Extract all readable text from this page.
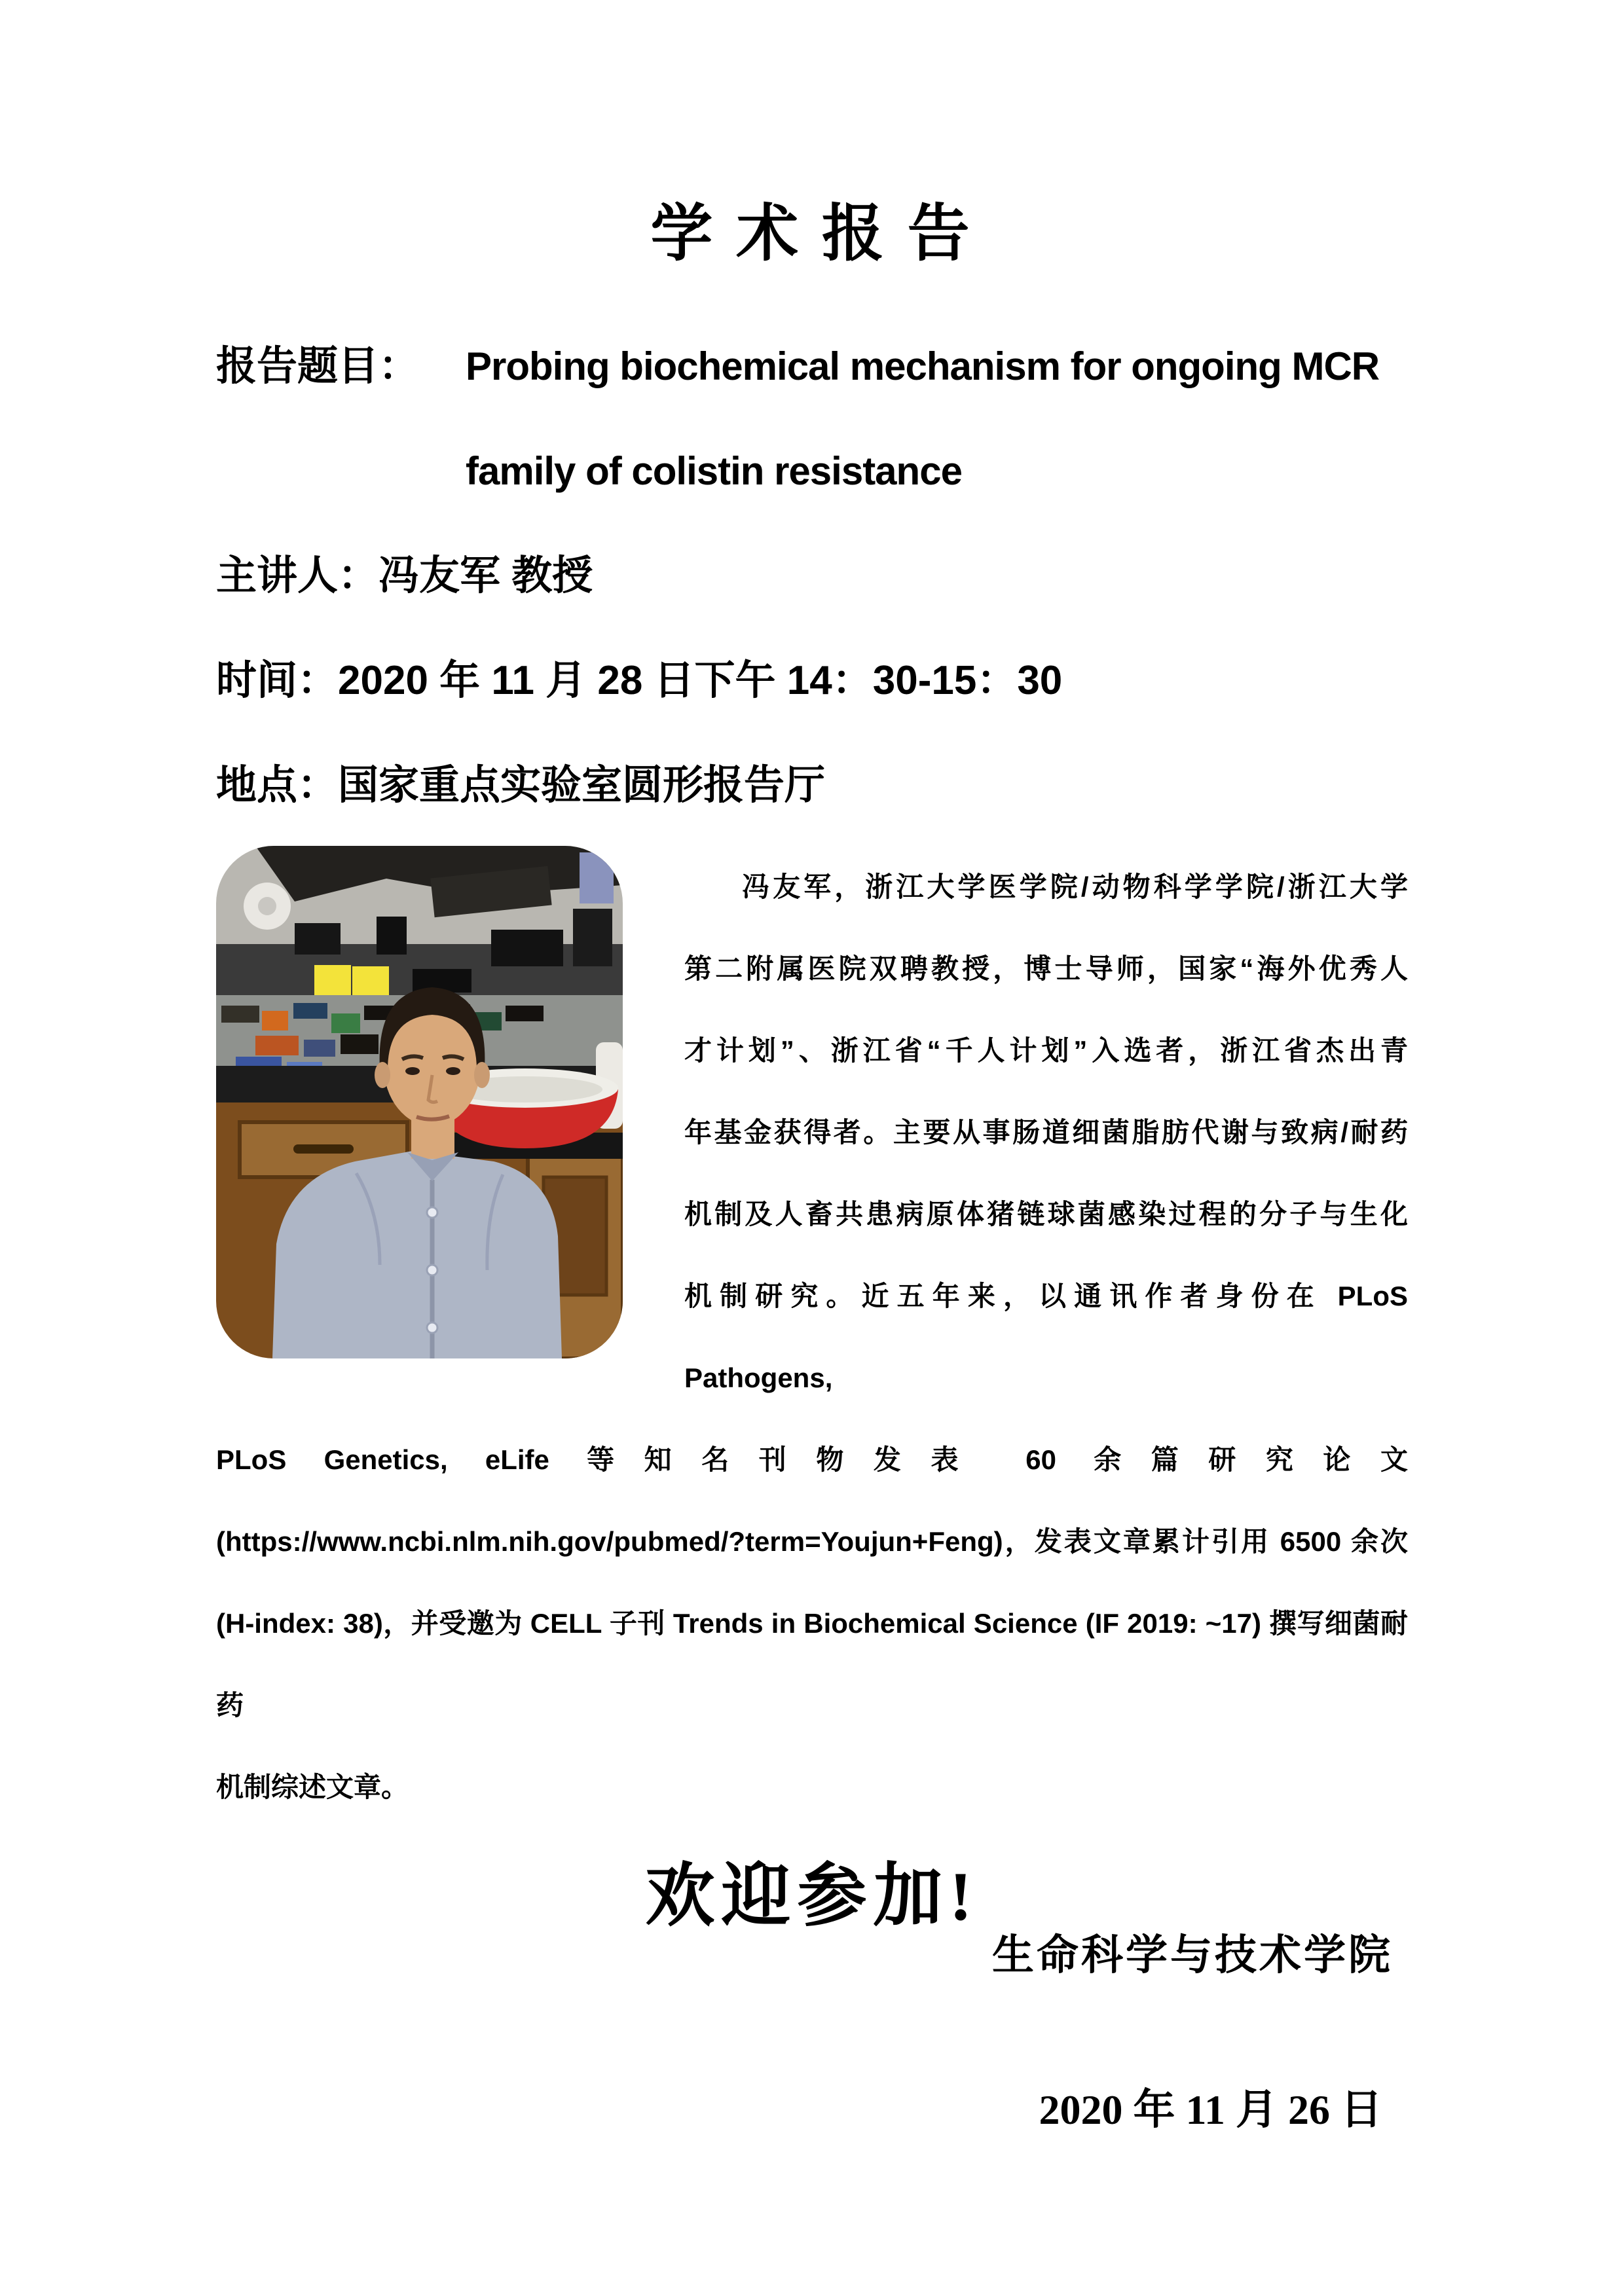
学 术 报 告
报告题目： Probing biochemical mechanism for ongoing MCR
family of colistin resistance
主讲人：冯友军 教授
时间：2020 年 11 月 28 日下午 14：30-15：30
地点：国家重点实验室圆形报告厅
冯友军，浙江大学医学院/动物科学学院/浙江大学
第二附属医院双聘教授，博士导师，国家“海外优秀人
才计划”、浙江省“千人计划”入选者，浙江省杰出青
年基金获得者。主要从事肠道细菌脂肪代谢与致病/耐药
机制及人畜共患病原体猪链球菌感染过程的分子与生化
机制研究。近五年来，以通讯作者身份在 PLoS Pathogens,
PLoS Genetics, eLife 等知名刊物发表 60 余篇研究论文
(https://www.ncbi.nlm.nih.gov/pubmed/?term=Youjun+Feng)，发表文章累计引用 6500 余次
(H-index: 38)，并受邀为 CELL 子刊 Trends in Biochemical Science (IF 2019: ~17) 撰写细菌耐药
机制综述文章。
欢迎参加!
生命科学与技术学院
2020 年 11 月 26 日
